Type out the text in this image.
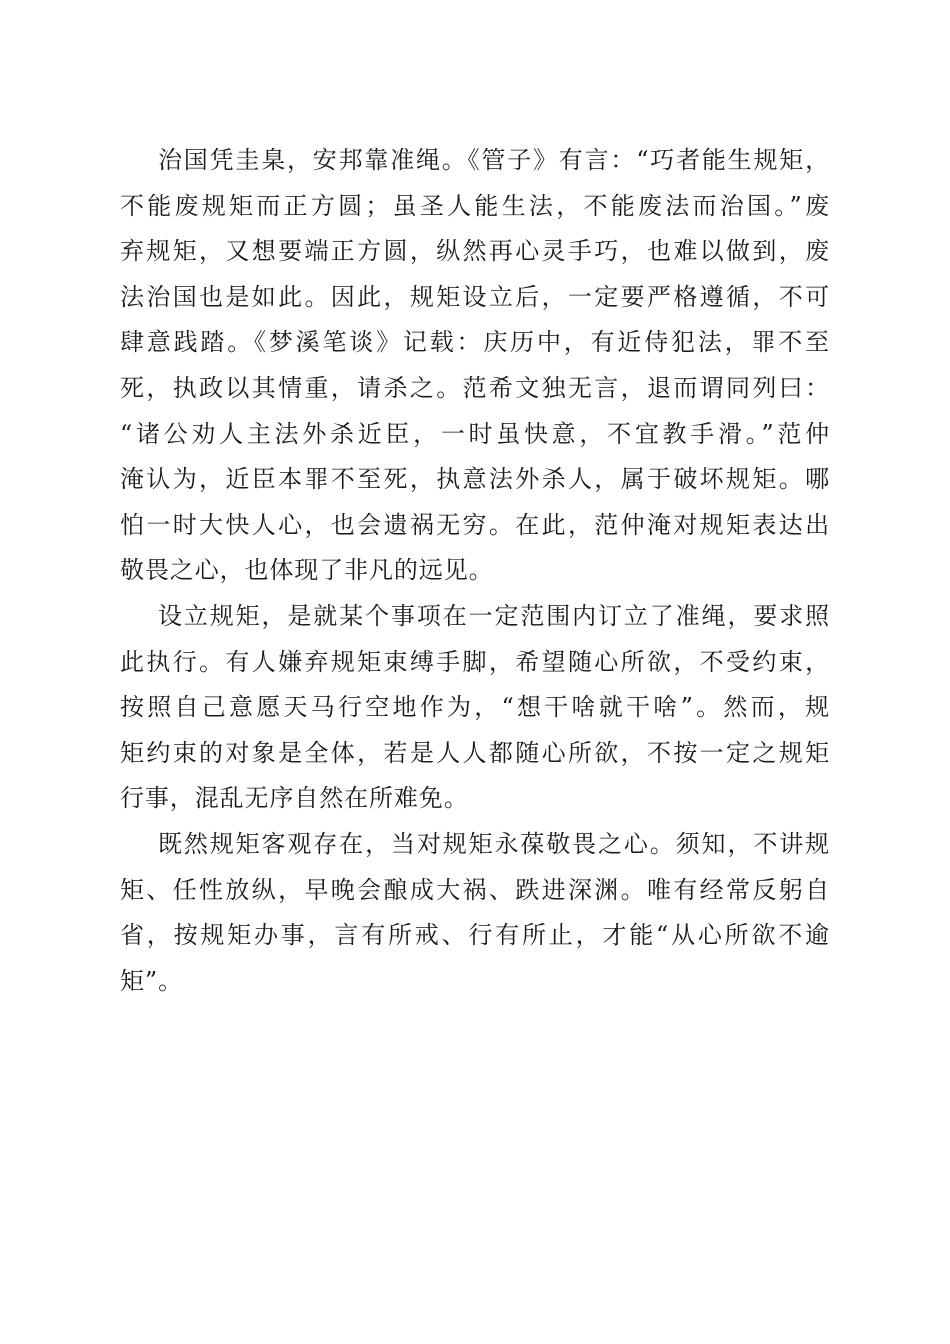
治国凭圭臬，安邦靠准绳。《管子》有言：“巧者能生规矩，
不能废规矩而正方圆；虽圣人能生法，不能废法而治国。”废
弃规矩，又想要端正方圆，纵然再心灵手巧，也难以做到，废
法治国也是如此。因此，规矩设立后，一定要严格遵循，不可
肆意践踏。《梦溪笔谈》记载：庆历中，有近侍犯法，罪不至
死，执政以其情重，请杀之。范希文独无言，退而谓同列曰：
“诸公劝人主法外杀近臣，一时虽快意，不宜教手滑。”范仲
淹认为，近臣本罪不至死，执意法外杀人，属于破坏规矩。哪
怕一时大快人心，也会遗祸无穷。在此，范仲淹对规矩表达出
敬畏之心，也体现了非凡的远见。
设立规矩，是就某个事项在一定范围内订立了准绳，要求照
此执行。有人嫌弃规矩束缚手脚，希望随心所欲，不受约束，
按照自己意愿天马行空地作为，“想干啥就干啥”。然而，规
矩约束的对象是全体，若是人人都随心所欲，不按一定之规矩
行事，混乱无序自然在所难免。
既然规矩客观存在，当对规矩永葆敬畏之心。须知，不讲规
矩、任性放纵，早晚会酿成大祸、跌进深渊。唯有经常反躬自
省，按规矩办事，言有所戒、行有所止，才能“从心所欲不逾
矩”。
